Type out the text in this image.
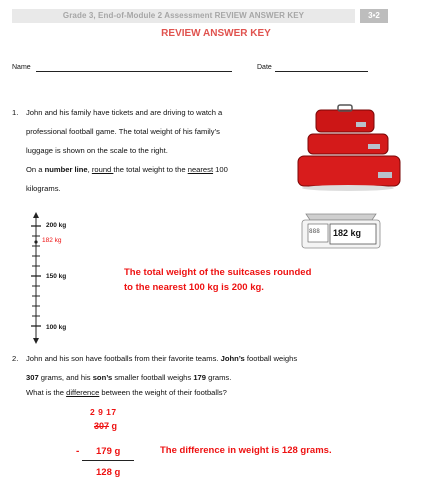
Grade 3, End-of-Module 2 Assessment REVIEW ANSWER KEY	3•2
REVIEW ANSWER KEY
Name	Date
1. John and his family have tickets and are driving to watch a
professional football game. The total weight of his family’s
luggage is shown on the scale to the right.
On a number line, round the total weight to the nearest 100
kilograms.
888 182 kg
200 kg
182 kg
150 kg
100 kg
The total weight of the suitcases rounded
to the nearest 100 kg is 200 kg.
2. John and his son have footballs from their favorite teams. John’s football weighs
307 grams, and his son’s smaller football weighs 179 grams.
What is the difference between the weight of their footballs?
2 9 17
307 g
- 179 g
128 g
The difference in weight is 128 grams.
